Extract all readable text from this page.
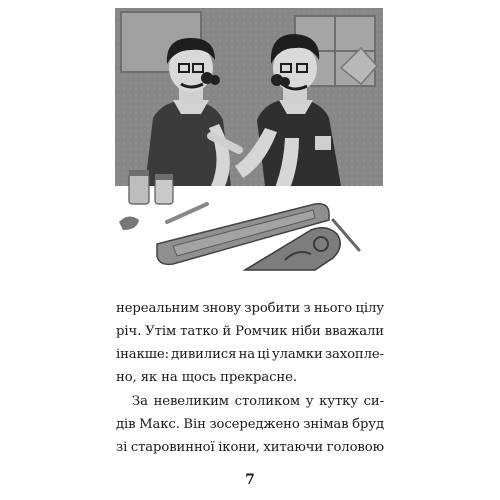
нереальним знову зробити з нього цілу
річ. Утім татко й Ромчик ніби вважали
інакше: дивилися на ці уламки захопле-
но, як на щось прекрасне.
За невеликим столиком у кутку си-
дів Макс. Він зосереджено знімав бруд
зі старовинної ікони, хитаючи головою
7
